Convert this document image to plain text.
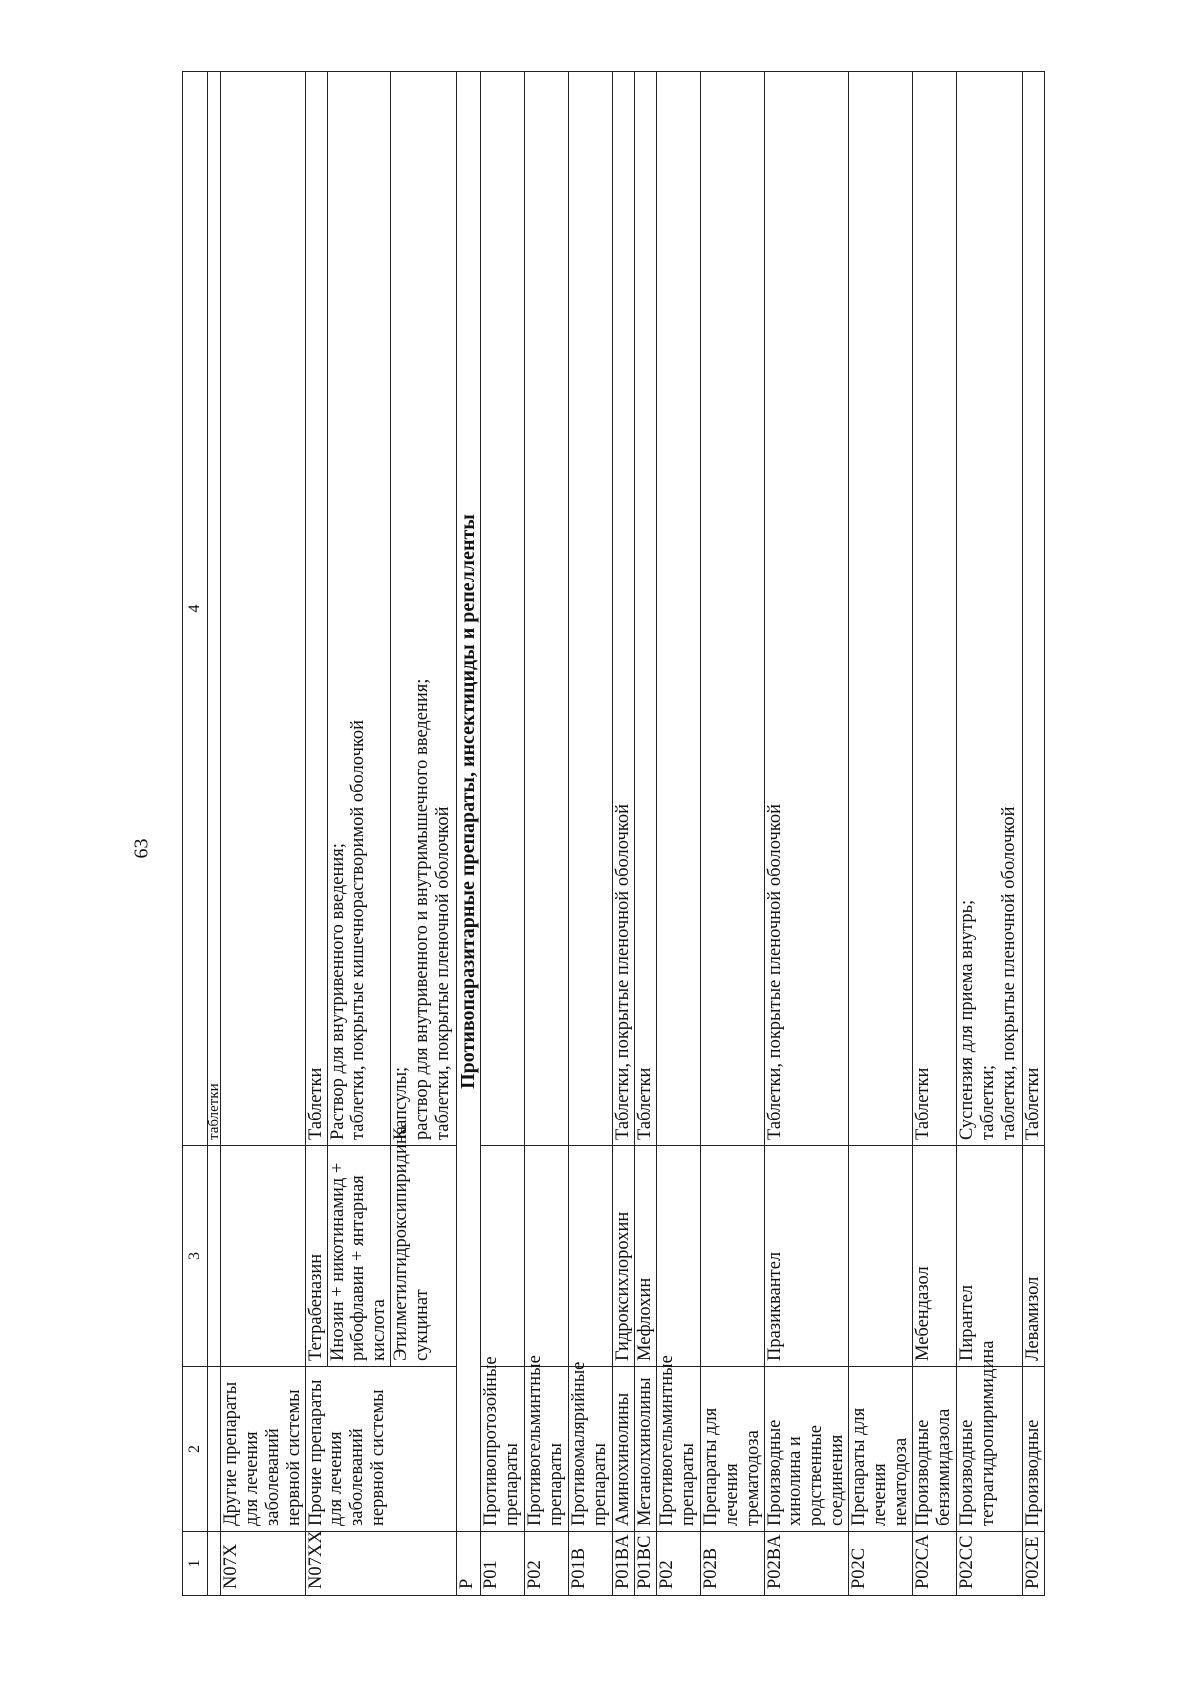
63
1	2	3	4
			таблетки
N07X	Другие препараты для лечения заболеваний нервной системы		
N07XX	Прочие препараты для лечения заболеваний нервной системы	Тетрабеназин	Таблетки
		Инозин + никотинамид + рибофлавин + янтарная кислота	Раствор для внутривенного введения; таблетки, покрытые кишечнорастворимой оболочкой

		Этилметилгидроксипиридина сукцинат	Капсулы; раствор для внутривенного и внутримышечного введения; таблетки, покрытые пленочной оболочкой

P	Противопаразитарные препараты, инсектициды и репелленты		
P01	Противопротозойные препараты		
P02	Противогельминтные препараты		
P01B	Противомалярийные препараты		
P01BA	Аминохинолины	Гидроксихлорохин	Таблетки, покрытые пленочной оболочкой
P01BC	Метанолхинолины	Мефлохин	Таблетки
P02	Противогельминтные препараты		
P02B	Препараты для лечения трематодоза		
P02BA	Производные хинолина и родственные соединения	Празиквантел	Таблетки, покрытые пленочной оболочкой
P02C	Препараты для лечения нематодоза		
P02CA	Производные бензимидазола	Мебендазол	Таблетки
P02CC	Производные тетрагидропиримидина	Пирантел	Суспензия для приема внутрь; таблетки; таблетки, покрытые пленочной оболочкой

P02CE	Производные	Левамизол	Таблетки
